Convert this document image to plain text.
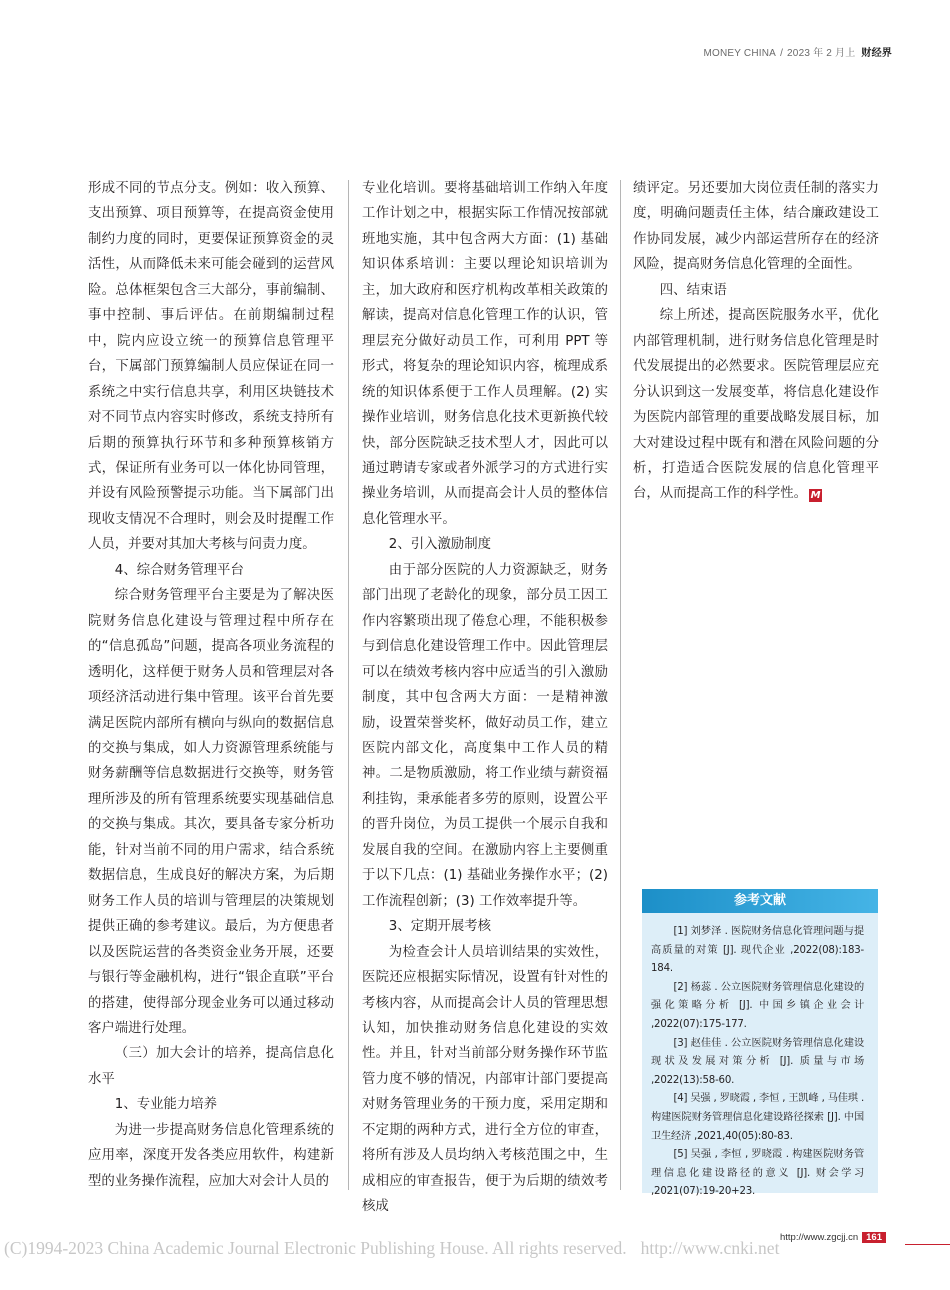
MONEY CHINA / 2023 年 2 月上 财经界

形成不同的节点分支。例如：收入预算、支出预算、项目预算等，在提高资金使用制约力度的同时，更要保证预算资金的灵活性，从而降低未来可能会碰到的运营风险。总体框架包含三大部分，事前编制、事中控制、事后评估。在前期编制过程中，院内应设立统一的预算信息管理平台，下属部门预算编制人员应保证在同一系统之中实行信息共享，利用区块链技术对不同节点内容实时修改，系统支持所有后期的预算执行环节和多种预算核销方式，保证所有业务可以一体化协同管理，并设有风险预警提示功能。当下属部门出现收支情况不合理时，则会及时提醒工作人员，并要对其加大考核与问责力度。

4、综合财务管理平台

综合财务管理平台主要是为了解决医院财务信息化建设与管理过程中所存在的“信息孤岛”问题，提高各项业务流程的透明化，这样便于财务人员和管理层对各项经济活动进行集中管理。该平台首先要满足医院内部所有横向与纵向的数据信息的交换与集成，如人力资源管理系统能与财务薪酬等信息数据进行交换等，财务管理所涉及的所有管理系统要实现基础信息的交换与集成。其次，要具备专家分析功能，针对当前不同的用户需求，结合系统数据信息，生成良好的解决方案，为后期财务工作人员的培训与管理层的决策规划提供正确的参考建议。最后，为方便患者以及医院运营的各类资金业务开展，还要与银行等金融机构，进行“银企直联”平台的搭建，使得部分现金业务可以通过移动客户端进行处理。

（三）加大会计的培养，提高信息化水平
1、专业能力培养

为进一步提高财务信息化管理系统的应用率，深度开发各类应用软件，构建新型的业务操作流程，应加大对会计人员的

专业化培训。要将基础培训工作纳入年度工作计划之中，根据实际工作情况按部就班地实施，其中包含两大方面：(1) 基础知识体系培训：主要以理论知识培训为主，加大政府和医疗机构改革相关政策的解读，提高对信息化管理工作的认识，管理层充分做好动员工作，可利用 PPT 等形式，将复杂的理论知识内容，梳理成系统的知识体系便于工作人员理解。(2) 实操作业培训，财务信息化技术更新换代较快，部分医院缺乏技术型人才，因此可以通过聘请专家或者外派学习的方式进行实操业务培训，从而提高会计人员的整体信息化管理水平。

2、引入激励制度

由于部分医院的人力资源缺乏，财务部门出现了老龄化的现象，部分员工因工作内容繁琐出现了倦怠心理，不能积极参与到信息化建设管理工作中。因此管理层可以在绩效考核内容中应适当的引入激励制度，其中包含两大方面：一是精神激励，设置荣誉奖杯，做好动员工作，建立医院内部文化，高度集中工作人员的精神。二是物质激励，将工作业绩与薪资福利挂钩，秉承能者多劳的原则，设置公平的晋升岗位，为员工提供一个展示自我和发展自我的空间。在激励内容上主要侧重于以下几点：(1) 基础业务操作水平；(2) 工作流程创新；(3) 工作效率提升等。

3、定期开展考核

为检查会计人员培训结果的实效性，医院还应根据实际情况，设置有针对性的考核内容，从而提高会计人员的管理思想认知，加快推动财务信息化建设的实效性。并且，针对当前部分财务操作环节监管力度不够的情况，内部审计部门要提高对财务管理业务的干预力度，采用定期和不定期的两种方式，进行全方位的审查，将所有涉及人员均纳入考核范围之中，生成相应的审查报告，便于为后期的绩效考核成

绩评定。另还要加大岗位责任制的落实力度，明确问题责任主体，结合廉政建设工作协同发展，减少内部运营所存在的经济风险，提高财务信息化管理的全面性。

四、结束语

综上所述，提高医院服务水平，优化内部管理机制，进行财务信息化管理是时代发展提出的必然要求。医院管理层应充分认识到这一发展变革，将信息化建设作为医院内部管理的重要战略发展目标，加大对建设过程中既有和潜在风险问题的分析，打造适合医院发展的信息化管理平台，从而提高工作的科学性。 M

参考文献
[1] 刘梦泽 . 医院财务信息化管理问题与提高质量的对策 [J]. 现代企业 ,2022(08):183-184.
[2] 杨蕊 . 公立医院财务管理信息化建设的强化策略分析 [J]. 中国乡镇企业会计 ,2022(07):175-177.
[3] 赵佳佳 . 公立医院财务管理信息化建设现状及发展对策分析 [J]. 质量与市场 ,2022(13):58-60.
[4] 吴强 , 罗晓霞 , 李恒 , 王凯峰 , 马佳琪 . 构建医院财务管理信息化建设路径探索 [J]. 中国卫生经济 ,2021,40(05):80-83.
[5] 吴强 , 李恒 , 罗晓霞 . 构建医院财务管理信息化建设路径的意义 [J]. 财会学习 ,2021(07):19-20+23.
(C)1994-2023 China Academic Journal Electronic Publishing House. All rights reserved. http://www.cnki.net
http://www.zgcjj.cn 161
